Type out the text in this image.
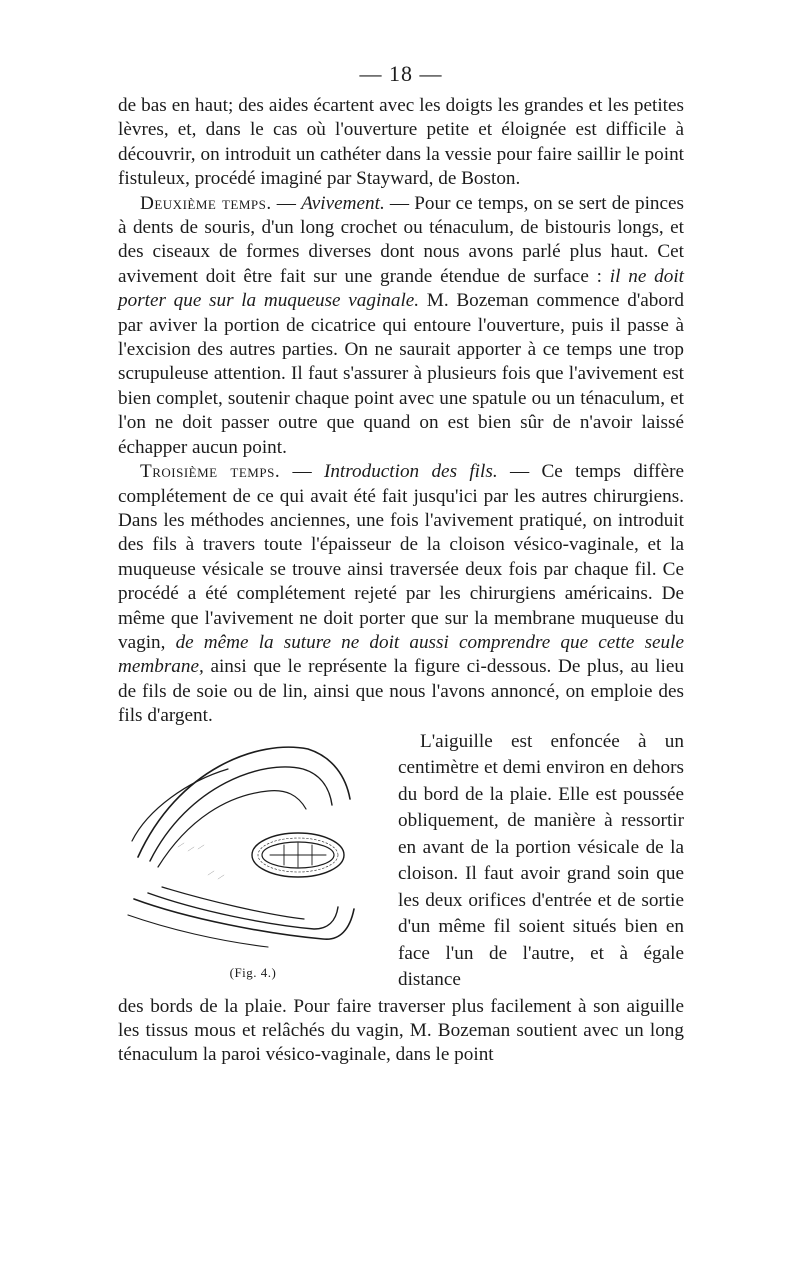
— 18 —

de bas en haut; des aides écartent avec les doigts les grandes et les petites lèvres, et, dans le cas où l'ouverture petite et éloignée est difficile à découvrir, on introduit un cathéter dans la vessie pour faire saillir le point fistuleux, procédé imaginé par Stayward, de Boston.

Deuxième temps. — Avivement. — Pour ce temps, on se sert de pinces à dents de souris, d'un long crochet ou ténaculum, de bistouris longs, et des ciseaux de formes diverses dont nous avons parlé plus haut. Cet avivement doit être fait sur une grande étendue de surface : il ne doit porter que sur la muqueuse vaginale. M. Bozeman commence d'abord par aviver la portion de cicatrice qui entoure l'ouverture, puis il passe à l'excision des autres parties. On ne saurait apporter à ce temps une trop scrupuleuse attention. Il faut s'assurer à plusieurs fois que l'avivement est bien complet, soutenir chaque point avec une spatule ou un ténaculum, et l'on ne doit passer outre que quand on est bien sûr de n'avoir laissé échapper aucun point.

Troisième temps. — Introduction des fils. — Ce temps diffère complétement de ce qui avait été fait jusqu'ici par les autres chirurgiens. Dans les méthodes anciennes, une fois l'avivement pratiqué, on introduit des fils à travers toute l'épaisseur de la cloison vésico-vaginale, et la muqueuse vésicale se trouve ainsi traversée deux fois par chaque fil. Ce procédé a été complétement rejeté par les chirurgiens américains. De même que l'avivement ne doit porter que sur la membrane muqueuse du vagin, de même la suture ne doit aussi comprendre que cette seule membrane, ainsi que le représente la figure ci-dessous. De plus, au lieu de fils de soie ou de lin, ainsi que nous l'avons annoncé, on emploie des fils d'argent.

(Fig. 4.)

L'aiguille est enfoncée à un centimètre et demi environ en dehors du bord de la plaie. Elle est poussée obliquement, de manière à ressortir en avant de la portion vésicale de la cloison. Il faut avoir grand soin que les deux orifices d'entrée et de sortie d'un même fil soient situés bien en face l'un de l'autre, et à égale distance

des bords de la plaie. Pour faire traverser plus facilement à son aiguille les tissus mous et relâchés du vagin, M. Bozeman soutient avec un long ténaculum la paroi vésico-vaginale, dans le point
